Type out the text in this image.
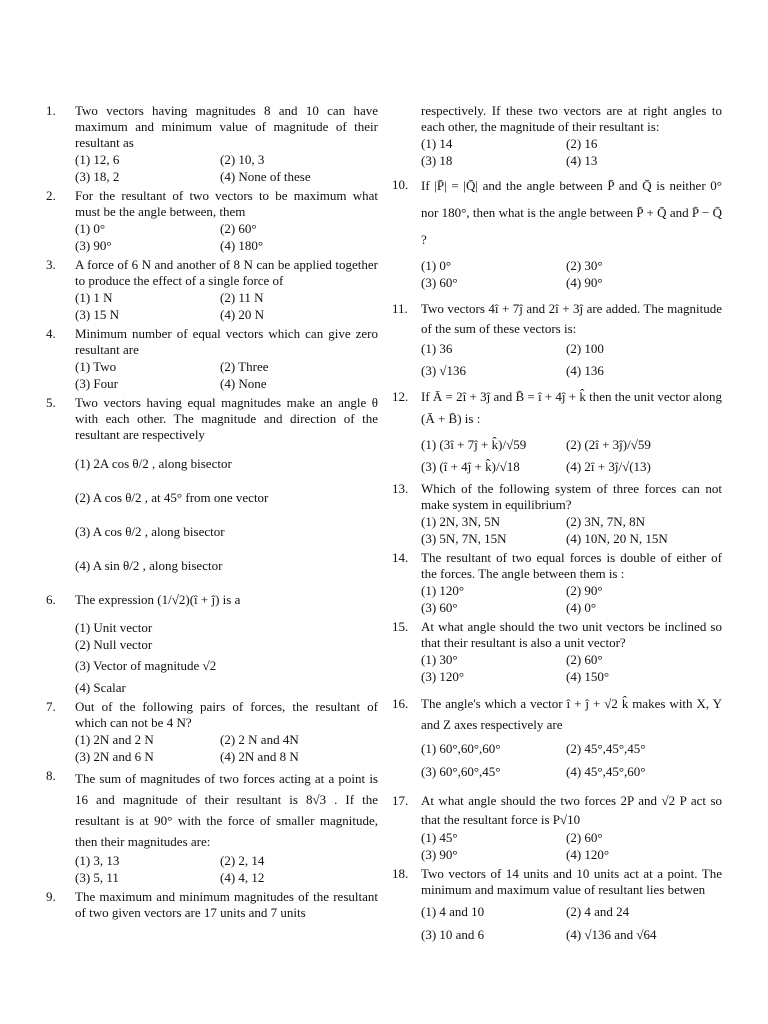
1.	Two vectors having magnitudes 8 and 10 can have maximum and minimum value of magnitude of their resultant as
(1) 12, 6	(2) 10, 3
(3) 18, 2	(4) None of these
2.	For the resultant of two vectors to be maximum what must be the angle between, them
(1) 0°	(2) 60°
(3) 90°	(4) 180°
3.	A force of 6 N and another of 8 N can be applied together to produce the effect of a single force of
(1) 1 N	(2) 11 N
(3) 15 N	(4) 20 N
4.	Minimum number of equal vectors which can give zero resultant are
(1) Two	(2) Three
(3) Four	(4) None
5.	Two vectors having equal magnitudes make an angle θ with each other. The magnitude and direction of the resultant are respectively
(1) 2A cos θ/2 , along bisector
(2) A cos θ/2 , at 45° from one vector
(3) A cos θ/2 , along bisector
(4) A sin θ/2 , along bisector
6.	The expression (1/√2)(î + ĵ) is a
(1) Unit vector
(2) Null vector
(3) Vector of magnitude √2
(4) Scalar
7.	Out of the following pairs of forces, the resultant of which can not be 4 N?
(1) 2N and 2 N	(2) 2 N and 4N
(3) 2N and 6 N	(4) 2N and 8 N
8.	The sum of magnitudes of two forces acting at a point is 16 and magnitude of their resultant is 8√3 . If the resultant is at 90° with the force of smaller magnitude, then their magnitudes are:
(1) 3, 13	(2) 2, 14
(3) 5, 11	(4) 4, 12
9.	The maximum and minimum magnitudes of the resultant of two given vectors are 17 units and 7 units
respectively. If these two vectors are at right angles to each other, the magnitude of their resultant is:
(1) 14	(2) 16
(3) 18	(4) 13
10. If |P̄| = |Q̄| and the angle between P̄ and Q̄ is neither 0° nor 180°, then what is the angle between P̄ + Q̄ and P̄ − Q̄ ?
(1) 0°	(2) 30°
(3) 60°	(4) 90°
11.	Two vectors 4î + 7ĵ and 2î + 3ĵ are added. The magnitude of the sum of these vectors is:
(1) 36	(2) 100
(3) √136	(4) 136
12. If Ā = 2î + 3ĵ and B̄ = î + 4ĵ + k̂ then the unit vector along (Ā + B̄) is :
(1) (3î + 7ĵ + k̂)/√59	(2) (2î + 3ĵ)/√59
(3) (î + 4ĵ + k̂)/√18	(4) 2î + 3ĵ/√(13)
13. Which of the following system of three forces can not make system in equilibrium?
(1) 2N, 3N, 5N	(2) 3N, 7N, 8N
(3) 5N, 7N, 15N	(4) 10N, 20 N, 15N
14. The resultant of two equal forces is double of either of the forces. The angle between them is :
(1) 120°	(2) 90°
(3) 60°	(4) 0°
15. At what angle should the two unit vectors be inclined so that their resultant is also a unit vector?
(1) 30°	(2) 60°
(3) 120°	(4) 150°
16. The angle's which a vector î + ĵ + √2 k̂ makes with X, Y and Z axes respectively are
(1) 60°,60°,60°	(2) 45°,45°,45°
(3) 60°,60°,45°	(4) 45°,45°,60°
17. At what angle should the two forces 2P and √2 P act so that the resultant force is P√10
(1) 45°	(2) 60°
(3) 90°	(4) 120°
18. Two vectors of 14 units and 10 units act at a point. The minimum and maximum value of resultant lies betwen
(1) 4 and 10	(2) 4 and 24
(3) 10 and 6	(4) √136 and √64
